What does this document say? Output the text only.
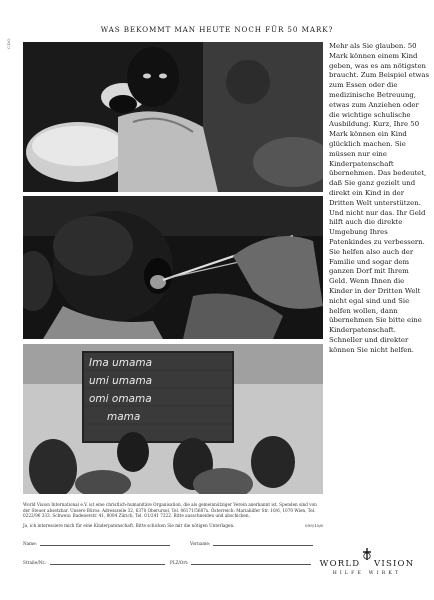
WAS BEKOMMT MAN HEUTE NOCH FÜR 50 MARK?
CDO
Ima umama
umi umama
omi omama
mama
Mehr als Sie glauben. 50 Mark können einem Kind geben, was es am nötigsten braucht. Zum Beispiel etwas zum Essen oder die medizinische Betreuung, etwas zum Anziehen oder die wichtige schulische Ausbildung. Kurz, Ihre 50 Mark können ein Kind glücklich machen. Sie müssen nur eine Kinderpatenschaft übernehmen. Das bedeutet, daß Sie ganz gezielt und direkt ein Kind in der Dritten Welt unterstützen. Und nicht nur das. Ihr Geld hilft auch die direkte Umgebung Ihres Patenkindes zu verbessern. Sie helfen also auch der Familie und sogar dem ganzen Dorf mit Ihrem Geld. Wenn Ihnen die Kinder in der Dritten Welt nicht egal sind und Sie helfen wollen, dann übernehmen Sie bitte eine Kinderpatenschaft. Schneller und direkter können Sie nicht helfen.
World Vision International e.V. ist eine christlich-humanitäre Organisation, die als gemeinnütziger Verein anerkannt ist. Spenden sind von der Steuer absetzbar. Unsere Büros: Adresszeile 32, 6370 Oberursel, Tel. 06171/5687x. Österreich: Mariahilfer Str. 10/6, 1070 Wien, Tel. 0222/96 333. Schweiz: Badenerstr. 41, 8004 Zürich, Tel. 01/241 7222. Bitte ausschneiden und abschicken.
Ja, ich interessiere mich für eine Kinderpatenschaft. Bitte schicken Sie mir die nötigen Unterlagen.	099/10/6
Name:	Vorname:
Straße/Nr.:	PLZ/Ort:	WORLD VISION
HILFE WIRKT
